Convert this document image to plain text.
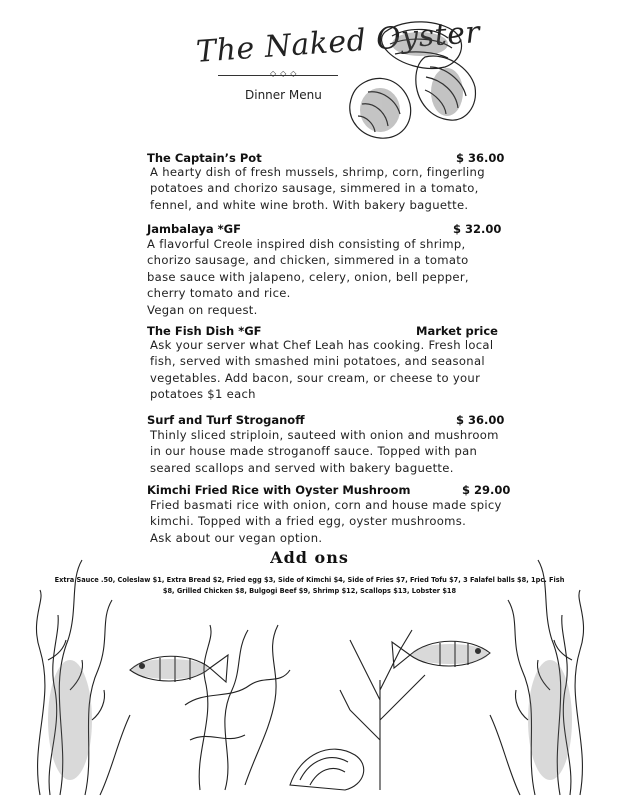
The Naked Oyster
◇◇◇
Dinner Menu
The Captain’s Pot	$ 36.00
A hearty dish of fresh mussels, shrimp, corn, fingerling potatoes and chorizo sausage, simmered in a tomato, fennel, and white wine broth. With bakery baguette.
Jambalaya *GF	$ 32.00
A flavorful Creole inspired dish consisting of shrimp, chorizo sausage, and chicken, simmered in a tomato base sauce with jalapeno, celery, onion, bell pepper, cherry tomato and rice.
Vegan on request.
The Fish Dish *GF	Market price
Ask your server what Chef Leah has cooking. Fresh local fish, served with smashed mini potatoes, and seasonal vegetables. Add bacon, sour cream, or cheese to your potatoes $1 each
Surf and Turf Stroganoff	$ 36.00
Thinly sliced striploin, sauteed with onion and mushroom in our house made stroganoff sauce. Topped with pan seared scallops and served with bakery baguette.
Kimchi Fried Rice with Oyster Mushroom	$ 29.00
Fried basmati rice with onion, corn and house made spicy kimchi. Topped with a fried egg, oyster mushrooms.
Ask about our vegan option.
Add ons
Extra Sauce .50, Coleslaw $1, Extra Bread $2, Fried egg $3, Side of Kimchi $4, Side of Fries $7, Fried Tofu $7, 3 Falafel balls $8, 1pc. Fish $8, Grilled Chicken $8, Bulgogi Beef $9, Shrimp $12, Scallops $13, Lobster $18
